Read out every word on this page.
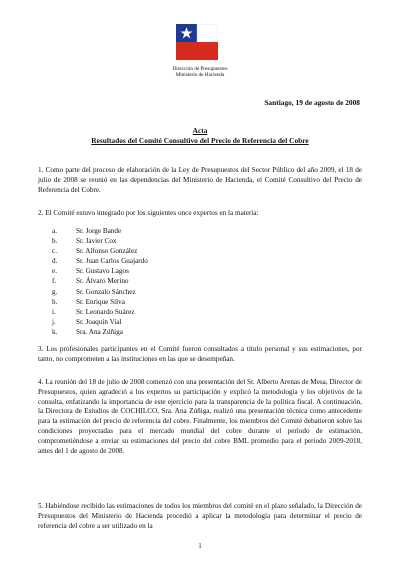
Dirección de Presupuestos
Ministerio de Hacienda
Santiago, 19 de agosto de 2008
Acta
Resultados del Comité Consultivo del Precio de Referencia del Cobre
1. Como parte del proceso de elaboración de la Ley de Presupuestos del Sector Público del año 2009, el 18 de julio de 2008 se reunió en las dependencias del Ministerio de Hacienda, el Comité Consultivo del Precio de Referencia del Cobre.
2. El Comité estuvo integrado por los siguientes once expertos en la materia:
a.	Sr. Jorge Bande
b.	Sr. Javier Cox
c.	Sr. Alfonso González
d.	Sr. Juan Carlos Guajardo
e.	Sr. Gustavo Lagos
f.	Sr. Álvaro Merino
g.	Sr. Gonzalo Sánchez
h.	Sr. Enrique Silva
i.	Sr. Leonardo Suárez
j.	Sr. Joaquín Vial
k.	Sra. Ana Zúñiga
3. Los profesionales participantes en el Comité fueron consultados a título personal y sus estimaciones, por tanto, no comprometen a las instituciones en las que se desempeñan.
4. La reunión del 18 de julio de 2008 comenzó con una presentación del Sr. Alberto Arenas de Mesa, Director de Presupuestos, quien agradeció a los expertos su participación y explicó la metodología y los objetivos de la consulta, enfatizando la importancia de este ejercicio para la transparencia de la política fiscal. A continuación, la Directora de Estudios de COCHILCO, Sra. Ana Zúñiga, realizó una presentación técnica como antecedente para la estimación del precio de referencia del cobre. Finalmente, los miembros del Comité debatieron sobre las condiciones proyectadas para el mercado mundial del cobre durante el período de estimación, comprometiéndose a enviar su estimaciones del precio del cobre BML promedio para el período 2009-2018, antes del 1 de agosto de 2008.
5. Habiéndose recibido las estimaciones de todos los miembros del comité en el plazo señalado, la Dirección de Presupuestos del Ministerio de Hacienda procedió a aplicar la metodología para determinar el precio de referencia del cobre a ser utilizado en la
1
